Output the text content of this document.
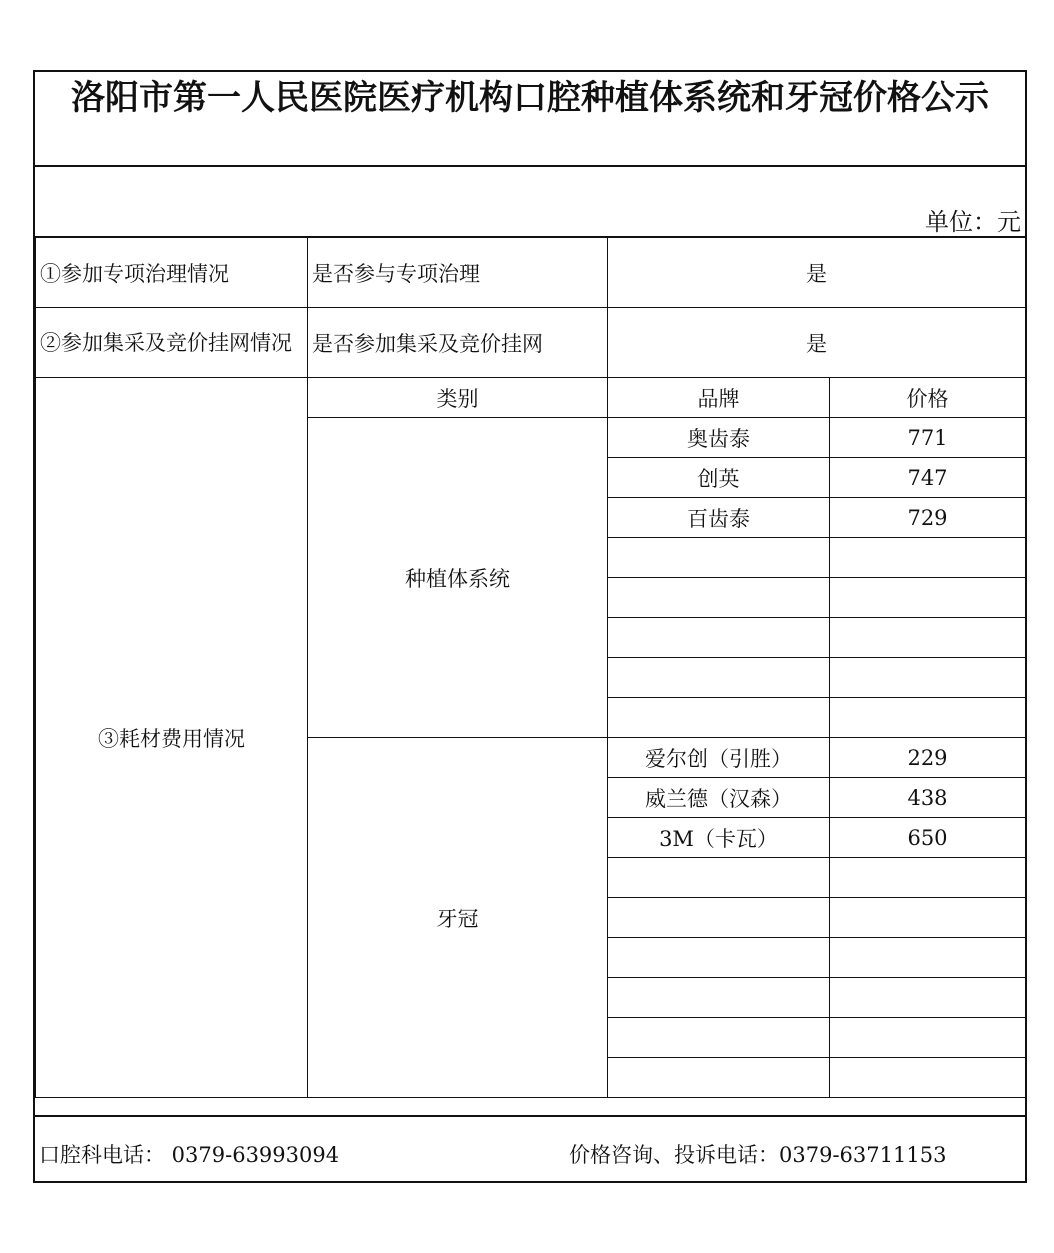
洛阳市第一人民医院医疗机构口腔种植体系统和牙冠价格公示
单位：元
①参加专项治理情况	是否参与专项治理	是	
②参加集采及竞价挂网情况	是否参加集采及竞价挂网	是	
③耗材费用情况	类别	品牌	价格
	种植体系统	奥齿泰	771
		创英	747
		百齿泰	729

	牙冠	爱尔创（引胜）	229
		威兰德（汉森）	438
		3M（卡瓦）	650

口腔科电话： 0379-63993094	价格咨询、投诉电话：0379-63711153
